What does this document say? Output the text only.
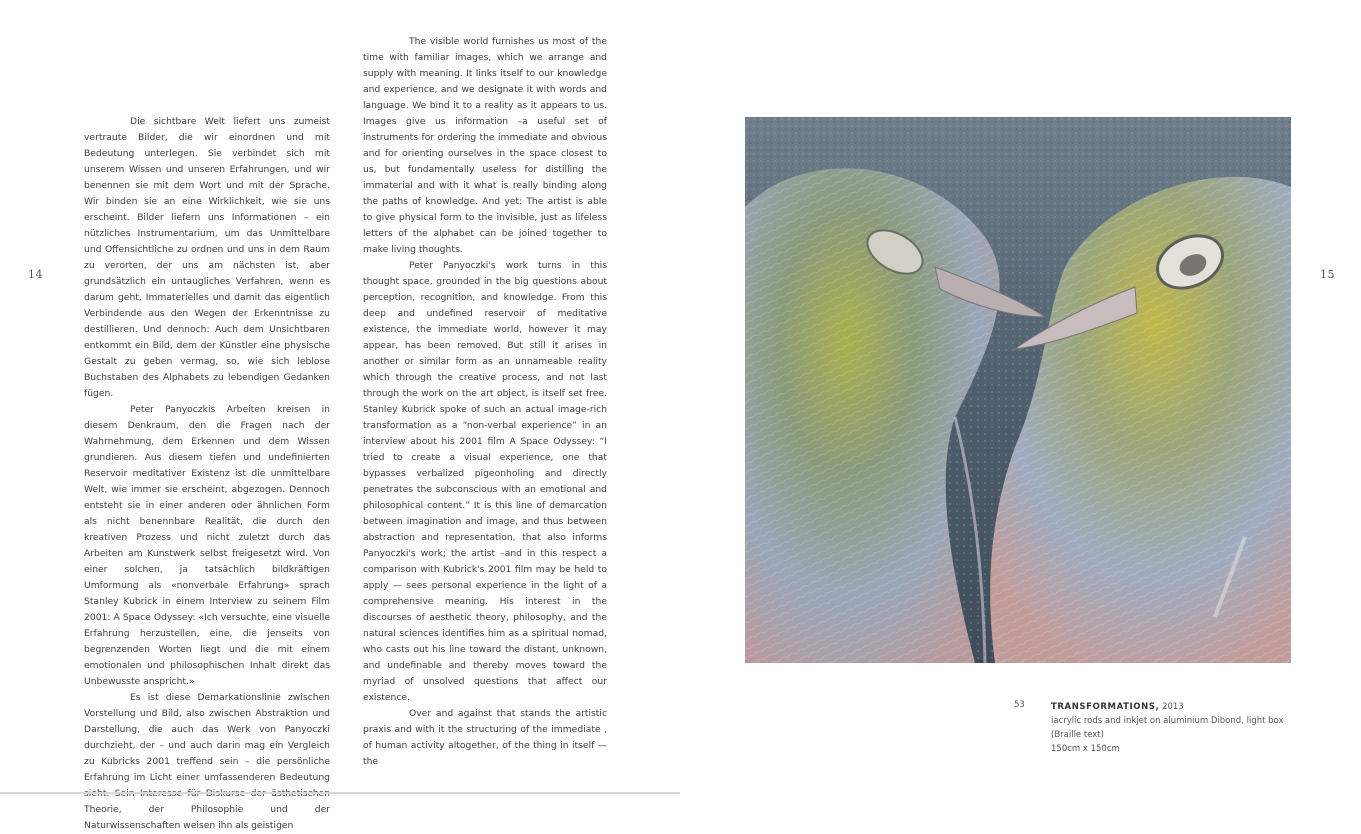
14

Die sichtbare Welt liefert uns zumeist vertraute Bilder, die wir einordnen und mit Bedeutung unterlegen. Sie verbindet sich mit unserem Wissen und unseren Erfahrungen, und wir benennen sie mit dem Wort und mit der Sprache. Wir binden sie an eine Wirklichkeit, wie sie uns erscheint. Bilder liefern uns Informationen – ein nützliches Instrumentarium, um das Unmittelbare und Offensichtliche zu ordnen und uns in dem Raum zu verorten, der uns am nächsten ist, aber grundsätzlich ein untaugliches Verfahren, wenn es darum geht, Immaterielles und damit das eigentlich Verbindende aus den Wegen der Erkenntnisse zu destillieren. Und dennoch: Auch dem Unsichtbaren entkommt ein Bild, dem der Künstler eine physische Gestalt zu geben vermag, so, wie sich leblose Buchstaben des Alphabets zu lebendigen Gedanken fügen.

Peter Panyoczkis Arbeiten kreisen in diesem Denkraum, den die Fragen nach der Wahrnehmung, dem Erkennen und dem Wissen grundieren. Aus diesem tiefen und undefinierten Reservoir meditativer Existenz ist die unmittelbare Welt, wie immer sie erscheint, abgezogen. Dennoch entsteht sie in einer anderen oder ähnlichen Form als nicht benennbare Realität, die durch den kreativen Prozess und nicht zuletzt durch das Arbeiten am Kunstwerk selbst freigesetzt wird. Von einer solchen, ja tatsächlich bildkräftigen Umformung als «nonverbale Erfahrung» sprach Stanley Kubrick in einem Interview zu seinem Film 2001: A Space Odyssey: «Ich versuchte, eine visuelle Erfahrung herzustellen, eine, die jenseits von begrenzenden Worten liegt und die mit einem emotionalen und philosophischen Inhalt direkt das Unbewusste anspricht.»

Es ist diese Demarkationslinie zwischen Vorstellung und Bild, also zwischen Abstraktion und Darstellung, die auch das Werk von Panyoczki durchzieht, der – und auch darin mag ein Vergleich zu Kubricks 2001 treffend sein – die persönliche Erfahrung im Licht einer umfassenderen Bedeutung Theorie, der Philosophie und der Naturwissenschaften weisen ihn als geistigen

The visible world furnishes us most of the time with familiar images, which we arrange and supply with meaning. It links itself to our knowledge and experience, and we designate it with words and language. We bind it to a reality as it appears to us. Images give us information –a useful set of instruments for ordering the immediate and obvious and for orienting ourselves in the space closest to us, but fundamentally useless for distilling the immaterial and with it what is really binding along the paths of knowledge. And yet: The artist is able to give physical form to the invisible, just as lifeless letters of the alphabet can be joined together to make living thoughts.

Peter Panyoczki's work turns in this thought space, grounded in the big questions about perception, recognition, and knowledge. From this deep and undefined reservoir of meditative existence, the immediate world, however it may appear, has been removed. But still it arises in another or similar form as an unnameable reality which through the creative process, and not last through the work on the art object, is itself set free. Stanley Kubrick spoke of such an actual image-rich transformation as a “non-verbal experience” in an interview about his 2001 film A Space Odyssey: “I tried to create a visual experience, one that bypasses verbalized pigeonholing and directly penetrates the subconscious with an emotional and philosophical content.” It is this line of demarcation between imagination and image, and thus between abstraction and representation, that also informs Panyoczki's work; the artist –and in this respect a comparison with Kubrick's 2001 film may be held to apply — sees personal experience in the light of a comprehensive meaning. His interest in the discourses of aesthetic theory, philosophy, and the natural sciences identifies him as a spiritual nomad, who casts out his line toward the distant, unknown, and undefinable and thereby moves toward the myriad of unsolved questions that affect our existence.

Over and against that stands the artistic praxis and with it the structuring of the immediate , of human activity altogether, of the thing in itself — the

15
53	TRANSFORMATIONS, 2013
iacrylic rods and inkjet on aluminium Dibond, light box
(Braille text)
150cm x 150cm
